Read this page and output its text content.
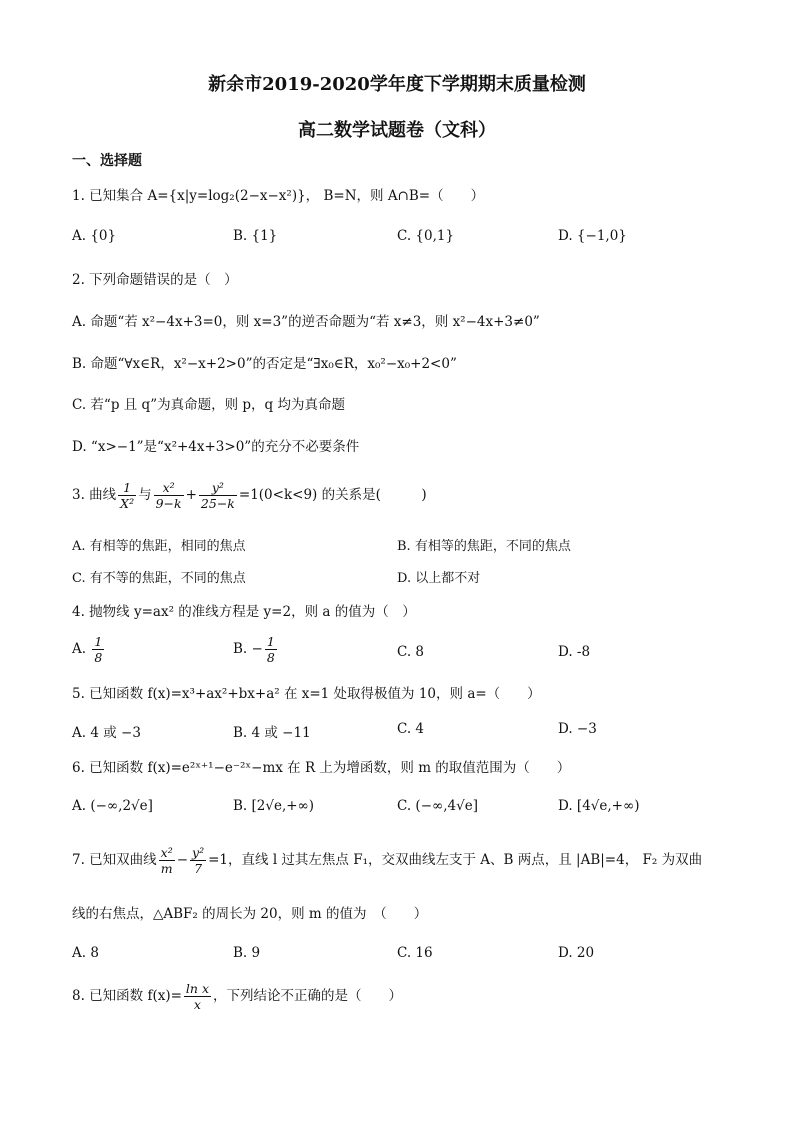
新余市2019-2020学年度下学期期末质量检测
高二数学试题卷（文科）
一、选择题
1. 已知集合 A={x|y=log₂(2−x−x²)}， B=N，则 A∩B=（　　）
A. {0}	B. {1}	C. {0,1}	D. {−1,0}
2. 下列命题错误的是（　）
A. 命题“若 x²−4x+3=0，则 x=3”的逆否命题为“若 x≠3，则 x²−4x+3≠0”
B. 命题“∀x∈R，x²−x+2>0”的否定是“∃x₀∈R，x₀²−x₀+2<0”
C. 若“p 且 q”为真命题，则 p，q 均为真命题
D. “x>−1”是“x²+4x+3>0”的充分不必要条件
3. 曲线 $\frac{1}{\text{X²}}$ 与 $\frac{\text{x²}}{9-k} + \frac{\text{y²}}{25-k} =1(0<k<9)$ 的关系是(　　　)
A. 有相等的焦距，相同的焦点	B. 有相等的焦距，不同的焦点
C. 有不等的焦距，不同的焦点	D. 以上都不对
4. 抛物线 y=ax² 的准线方程是 y=2，则 a 的值为（　）
A. $\frac{1}{8}$	B. − $\frac{1}{8}$	C. 8	D. -8
5. 已知函数 f(x)=x³+ax²+bx+a² 在 x=1 处取得极值为 10，则 a=（　　）
A. 4 或 −3	B. 4 或 −11	C. 4	D. −3
6. 已知函数 f(x)=e²ˣ⁺¹−e⁻²ˣ−mx 在 R 上为增函数，则 m 的取值范围为（　　）
A. (−∞,2√e]	B. [2√e,+∞)	C. (−∞,4√e]	D. [4√e,+∞)
7. 已知双曲线 $\frac{\text{x²}}{m} - \frac{\text{y²}}{7} =1$，直线 l 过其左焦点 F₁，交双曲线左支于 A、B 两点，且 |AB|=4， F₂ 为双曲
线的右焦点，△ABF₂ 的周长为 20，则 m 的值为　（　　）
A. 8	B. 9	C. 16	D. 20
8. 已知函数 $f(x)= \frac{\text{ln x}}{x}$ ，下列结论不正确的是（　　）
